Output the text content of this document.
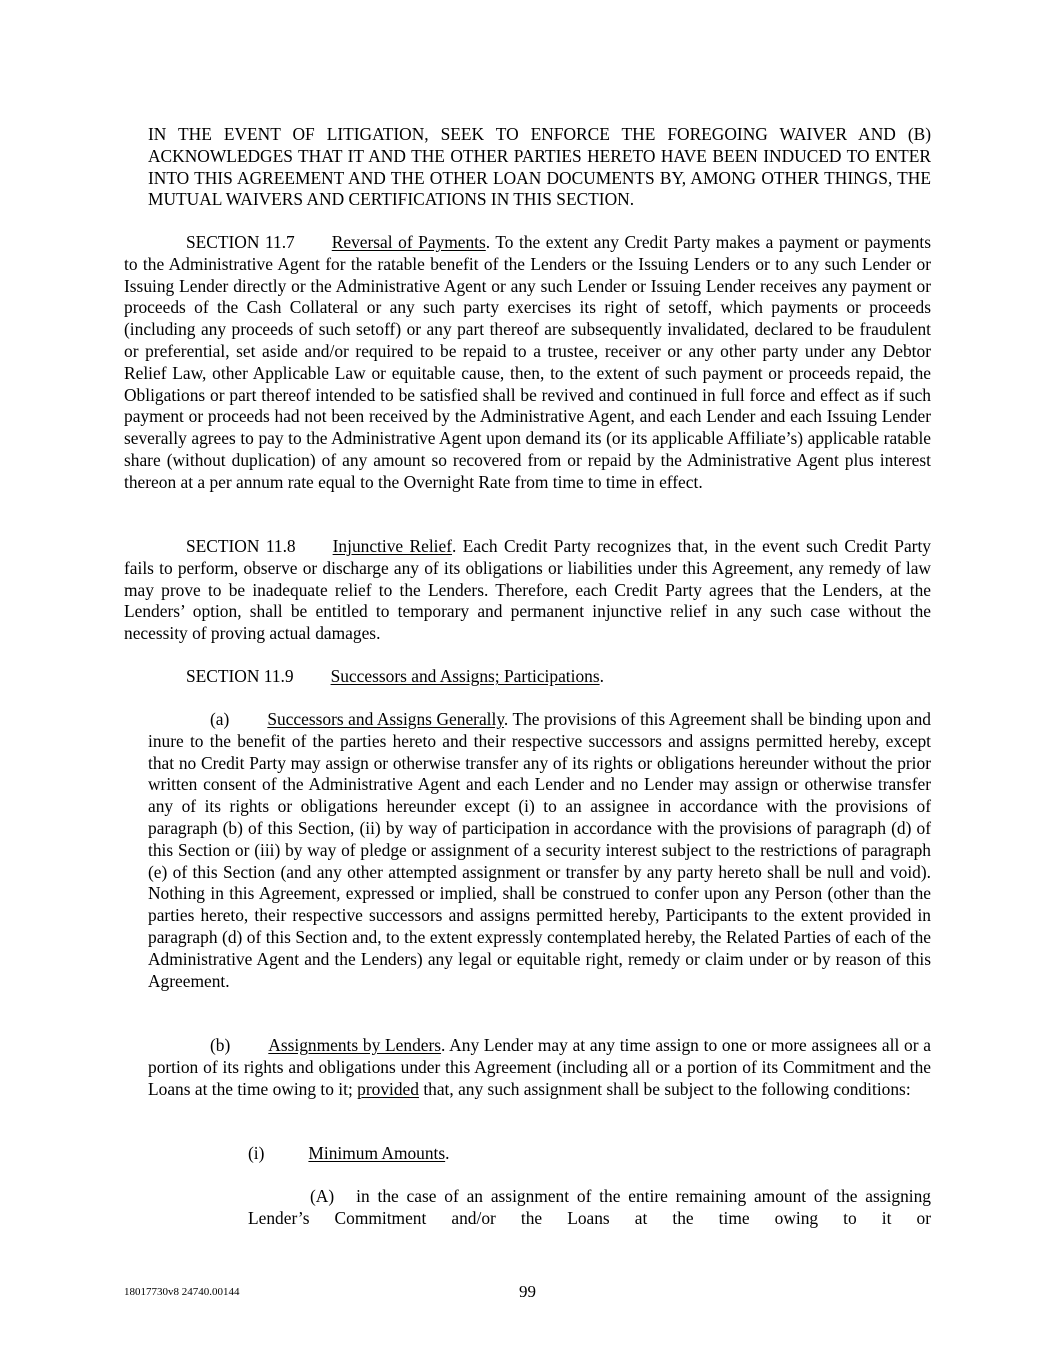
IN THE EVENT OF LITIGATION, SEEK TO ENFORCE THE FOREGOING WAIVER AND (B) ACKNOWLEDGES THAT IT AND THE OTHER PARTIES HERETO HAVE BEEN INDUCED TO ENTER INTO THIS AGREEMENT AND THE OTHER LOAN DOCUMENTS BY, AMONG OTHER THINGS, THE MUTUAL WAIVERS AND CERTIFICATIONS IN THIS SECTION.

SECTION 11.7 Reversal of Payments. To the extent any Credit Party makes a payment or payments to the Administrative Agent for the ratable benefit of the Lenders or the Issuing Lenders or to any such Lender or Issuing Lender directly or the Administrative Agent or any such Lender or Issuing Lender receives any payment or proceeds of the Cash Collateral or any such party exercises its right of setoff, which payments or proceeds (including any proceeds of such setoff) or any part thereof are subsequently invalidated, declared to be fraudulent or preferential, set aside and/or required to be repaid to a trustee, receiver or any other party under any Debtor Relief Law, other Applicable Law or equitable cause, then, to the extent of such payment or proceeds repaid, the Obligations or part thereof intended to be satisfied shall be revived and continued in full force and effect as if such payment or proceeds had not been received by the Administrative Agent, and each Lender and each Issuing Lender severally agrees to pay to the Administrative Agent upon demand its (or its applicable Affiliate’s) applicable ratable share (without duplication) of any amount so recovered from or repaid by the Administrative Agent plus interest thereon at a per annum rate equal to the Overnight Rate from time to time in effect.

SECTION 11.8 Injunctive Relief. Each Credit Party recognizes that, in the event such Credit Party fails to perform, observe or discharge any of its obligations or liabilities under this Agreement, any remedy of law may prove to be inadequate relief to the Lenders. Therefore, each Credit Party agrees that the Lenders, at the Lenders’ option, shall be entitled to temporary and permanent injunctive relief in any such case without the necessity of proving actual damages.

SECTION 11.9 Successors and Assigns; Participations.

(a) Successors and Assigns Generally. The provisions of this Agreement shall be binding upon and inure to the benefit of the parties hereto and their respective successors and assigns permitted hereby, except that no Credit Party may assign or otherwise transfer any of its rights or obligations hereunder without the prior written consent of the Administrative Agent and each Lender and no Lender may assign or otherwise transfer any of its rights or obligations hereunder except (i) to an assignee in accordance with the provisions of paragraph (b) of this Section, (ii) by way of participation in accordance with the provisions of paragraph (d) of this Section or (iii) by way of pledge or assignment of a security interest subject to the restrictions of paragraph (e) of this Section (and any other attempted assignment or transfer by any party hereto shall be null and void). Nothing in this Agreement, expressed or implied, shall be construed to confer upon any Person (other than the parties hereto, their respective successors and assigns permitted hereby, Participants to the extent provided in paragraph (d) of this Section and, to the extent expressly contemplated hereby, the Related Parties of each of the Administrative Agent and the Lenders) any legal or equitable right, remedy or claim under or by reason of this Agreement.

(b) Assignments by Lenders. Any Lender may at any time assign to one or more assignees all or a portion of its rights and obligations under this Agreement (including all or a portion of its Commitment and the Loans at the time owing to it; provided that, any such assignment shall be subject to the following conditions:

(i)	Minimum Amounts.

(A) in the case of an assignment of the entire remaining amount of the assigning Lender’s Commitment and/or the Loans at the time owing to it or

18017730v8 24740.00144	99
